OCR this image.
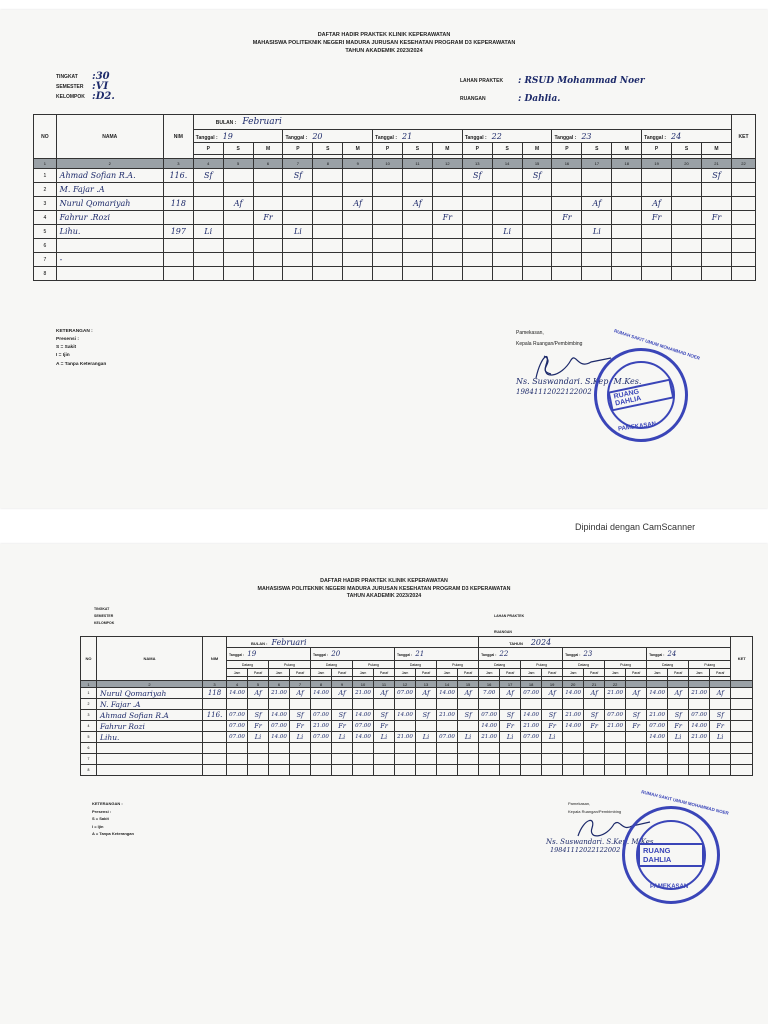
DAFTAR HADIR PRAKTEK KLINIK KEPERAWATAN
MAHASISWA POLITEKNIK NEGERI MADURA JURUSAN KESEHATAN PROGRAM D3 KEPERAWATAN
TAHUN AKADEMIK 2023/2024
TINGKAT	:30
SEMESTER :VI
KELOMPOK :D2.
LAHAN PRAKTEK	: RSUD Mohammad Noer
RUANGAN	: Dahlia.
NO	NAMA	NIM	BULAN : Februari																		KET
			Tanggal : 19			Tanggal : 20			Tanggal : 21			Tanggal : 22			Tanggal : 23			Tanggal : 24			
			P	S	M	P	S	M	P	S	M	P	S	M	P	S	M	P	S	M	

1	2	3	4	5	6	7	8	9	10	11	12	13	14	15	16	17	18	19	20	21	22
1	Ahmad Sofian R.A.	116.	Sf			Sf						Sf		Sf						Sf	
2	M. Fajar .A																				
3	Nurul Qomariyah	118		Af				Af		Af						Af		Af			
4	Fahrur .Rozi				Fr						Fr				Fr			Fr		Fr	
5	Lihu.	197	Li			Li							Li			Li					
6																					
7	-																				
8																					
KETERANGAN :
Presensi :
S = Sakit
I = Ijin
A = Tanpa Keterangan
Pamekasan,
Kepala Ruangan/Pembimbing
Ns. Suswandari. S.Kep. M.Kes.
19841112022122002	RUANG DAHLIA
RUMAH SAKIT UMUM MOHAMMAD NOER
PAMEKASAN
Dipindai dengan CamScanner
DAFTAR HADIR PRAKTEK KLINIK KEPERAWATAN
MAHASISWA POLITEKNIK NEGERI MADURA JURUSAN KESEHATAN PROGRAM D3 KEPERAWATAN
TAHUN AKADEMIK 2023/2024
TINGKAT
SEMESTER
KELOMPOK
LAHAN PRAKTEK
RUANGAN
NO	NAMA	NIM	BULAN : Februari												TAHUN 2024												KET
			Tanggal : 19				Tanggal : 20				Tanggal : 21				Tanggal : 22				Tanggal : 23				Tanggal : 24				
			Datang		Pulang		Datang		Pulang		Datang		Pulang		Datang		Pulang		Datang		Pulang		Datang		Pulang		
			Jam	Paraf	Jam	Paraf	Jam	Paraf	Jam	Paraf	Jam	Paraf	Jam	Paraf	Jam	Paraf	Jam	Paraf	Jam	Paraf	Jam	Paraf	Jam	Paraf	Jam	Paraf	

1	2	3	4	5	6	7	8	9	10	11	12	13	14	15	16	17	18	19	20	21	22						
1	Nurul Qomariyah	118	14.00	Af	21.00	Af	14.00	Af	21.00	Af	07.00	Af	14.00	Af	7.00	Af	07.00	Af	14.00	Af	21.00	Af	14.00	Af	21.00	Af	
2	N. Fajar .A																										
3	Ahmad Sofian R.A	116.	07.00	Sf	14.00	Sf	07.00	Sf	14.00	Sf	14.00	Sf	21.00	Sf	07.00	Sf	14.00	Sf	21.00	Sf	07.00	Sf	21.00	Sf	07.00	Sf	
4	Fahrur Rozi		07.00	Fr	07.00	Fr	21.00	Fr	07.00	Fr					14.00	Fr	21.00	Fr	14.00	Fr	21.00	Fr	07.00	Fr	14.00	Fr	
5	Lihu.		07.00	Li	14.00	Li	07.00	Li	14.00	Li	21.00	Li	07.00	Li	21.00	Li	07.00	Li					14.00	Li	21.00	Li	
6																											
7																											
8																											
KETERANGAN :
Presensi :
S = Sakit
I = Ijin
A = Tanpa Keterangan
Pamekasan,
Kepala Ruangan/Pembimbing
Ns. Suswandari. S.Kep. M.Kes.
19841112022122002	RUANG DAHLIA
RUMAH SAKIT UMUM MOHAMMAD NOER
PAMEKASAN
